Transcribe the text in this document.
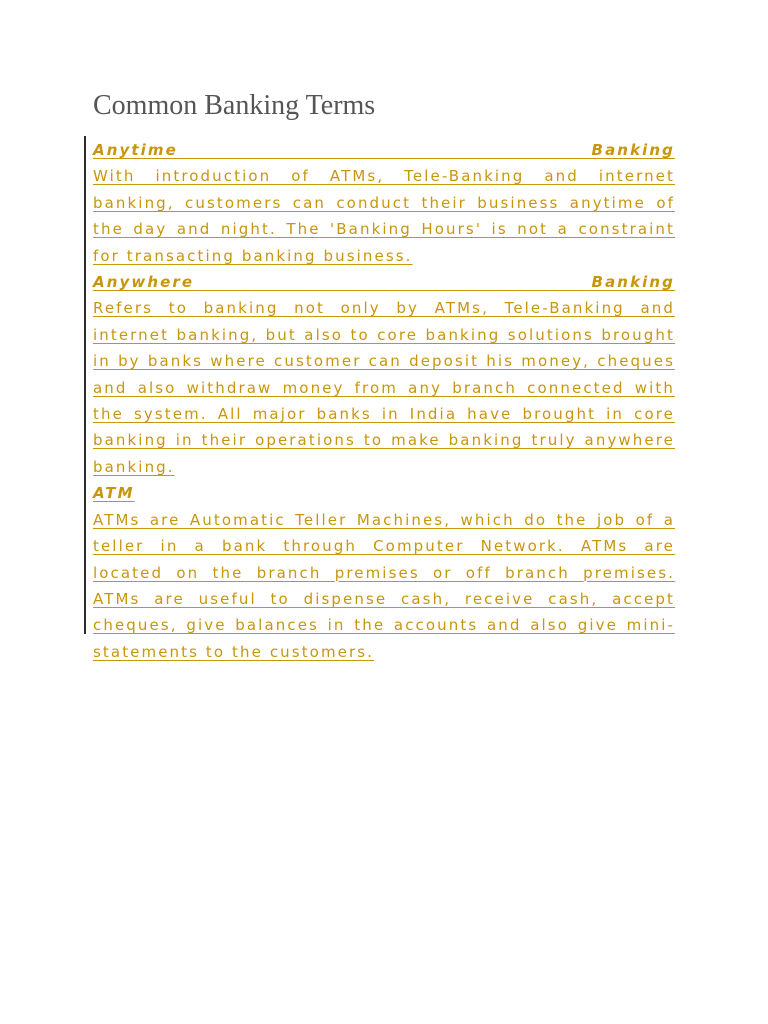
Common Banking Terms

Anytime	Banking

With introduction of ATMs, Tele-Banking and internet banking, customers can conduct their business anytime of the day and night. The 'Banking Hours' is not a constraint for transacting banking business.

Anywhere	Banking

Refers to banking not only by ATMs, Tele-Banking and internet banking, but also to core banking solutions brought in by banks where customer can deposit his money, cheques and also withdraw money from any branch connected with the system. All major banks in India have brought in core banking in their operations to make banking truly anywhere banking.

ATM

ATMs are Automatic Teller Machines, which do the job of a teller in a bank through Computer Network. ATMs are located on the branch premises or off branch premises. ATMs are useful to dispense cash, receive cash, accept cheques, give balances in the accounts and also give mini-statements to the customers.
